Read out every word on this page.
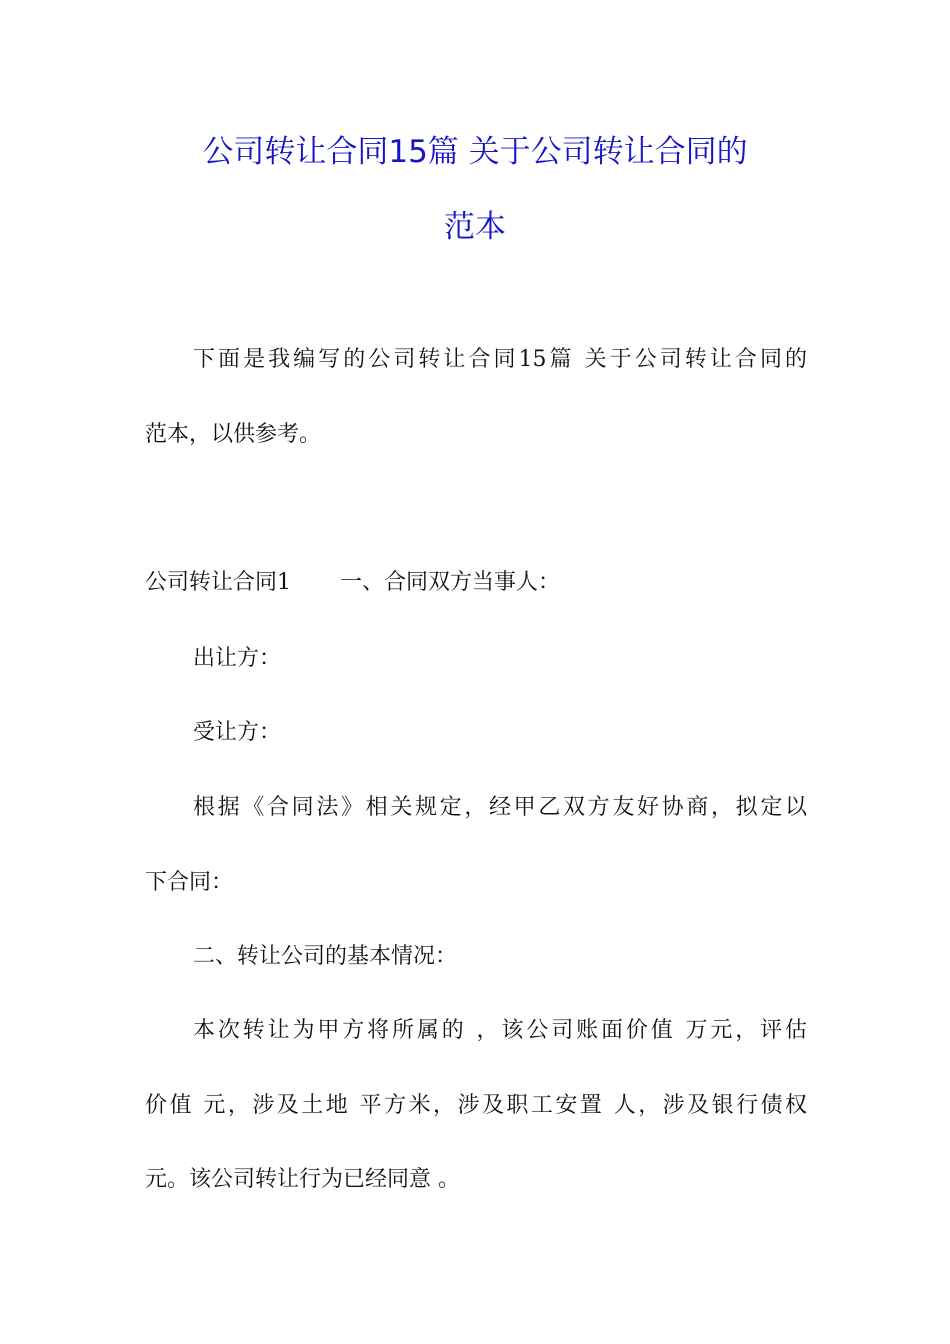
公司转让合同15篇 关于公司转让合同的
范本
下面是我编写的公司转让合同15篇 关于公司转让合同的
范本，以供参考。
公司转让合同1       一、合同双方当事人：
出让方：
受让方：
根据《合同法》相关规定，经甲乙双方友好协商，拟定以
下合同：
二、转让公司的基本情况：
本次转让为甲方将所属的 ，该公司账面价值 万元，评估
价值 元，涉及土地 平方米，涉及职工安置 人，涉及银行债权
元。该公司转让行为已经同意 。
